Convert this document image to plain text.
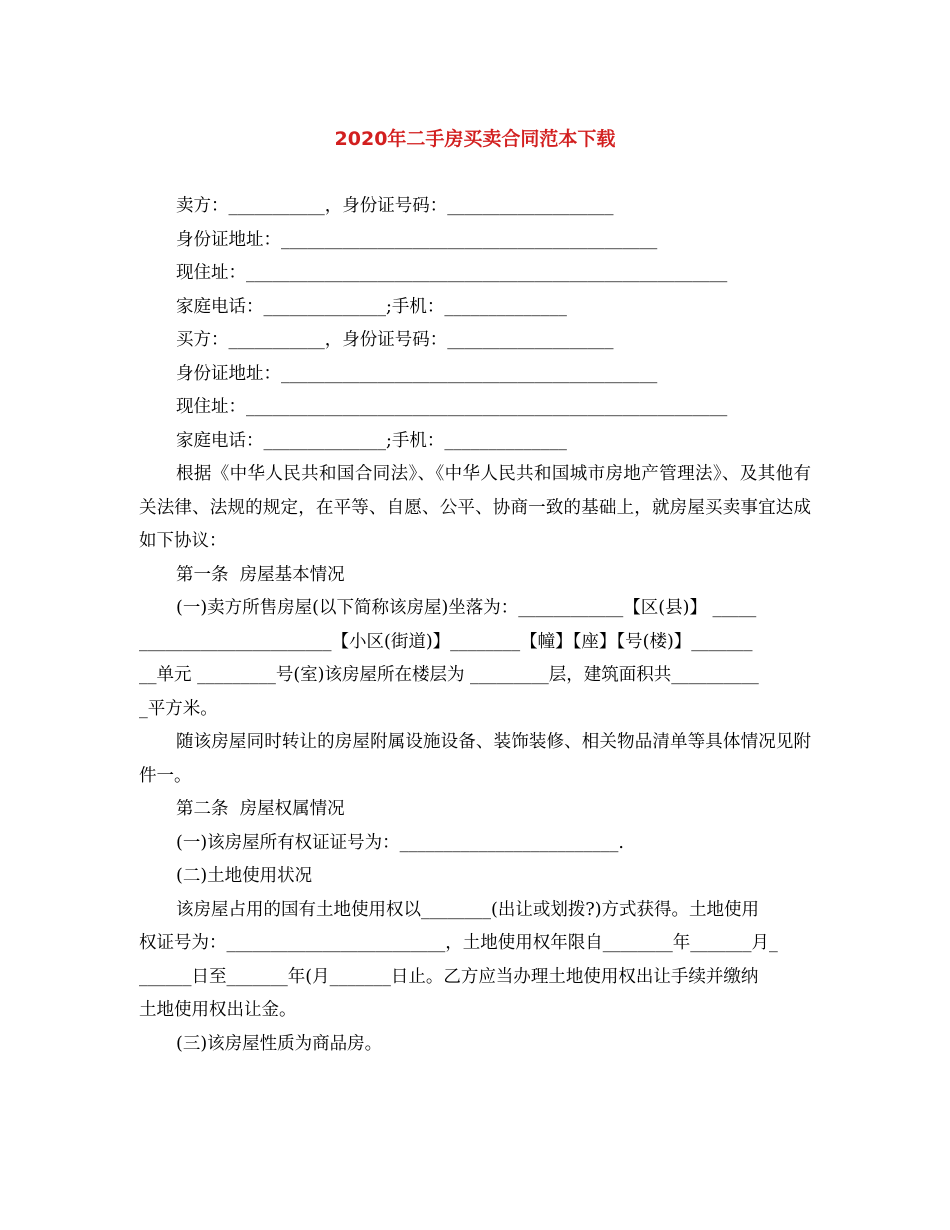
2020年二手房买卖合同范本下载
卖方：___________，身份证号码：___________________
身份证地址：___________________________________________
现住址：_______________________________________________________
家庭电话：______________;手机：______________
买方：___________，身份证号码：___________________
身份证地址：___________________________________________
现住址：_______________________________________________________
家庭电话：______________;手机：______________
根据《中华人民共和国合同法》、《中华人民共和国城市房地产管理法》、及其他有关法律、法规的规定，在平等、自愿、公平、协商一致的基础上，就房屋买卖事宜达成如下协议：
第一条  房屋基本情况
(一)卖方所售房屋(以下简称该房屋)坐落为：____________【区(县)】 _____
______________________【小区(街道)】________【幢】【座】【号(楼)】_______
__单元 _________号(室)该房屋所在楼层为 _________层，建筑面积共__________
_平方米。
随该房屋同时转让的房屋附属设施设备、装饰装修、相关物品清单等具体情况见附件一。
第二条  房屋权属情况
(一)该房屋所有权证证号为：_________________________.
(二)土地使用状况
该房屋占用的国有土地使用权以________(出让或划拨?)方式获得。土地使用
权证号为：_________________________，土地使用权年限自________年_______月_
______日至_______年(月_______日止。乙方应当办理土地使用权出让手续并缴纳
土地使用权出让金。
(三)该房屋性质为商品房。
